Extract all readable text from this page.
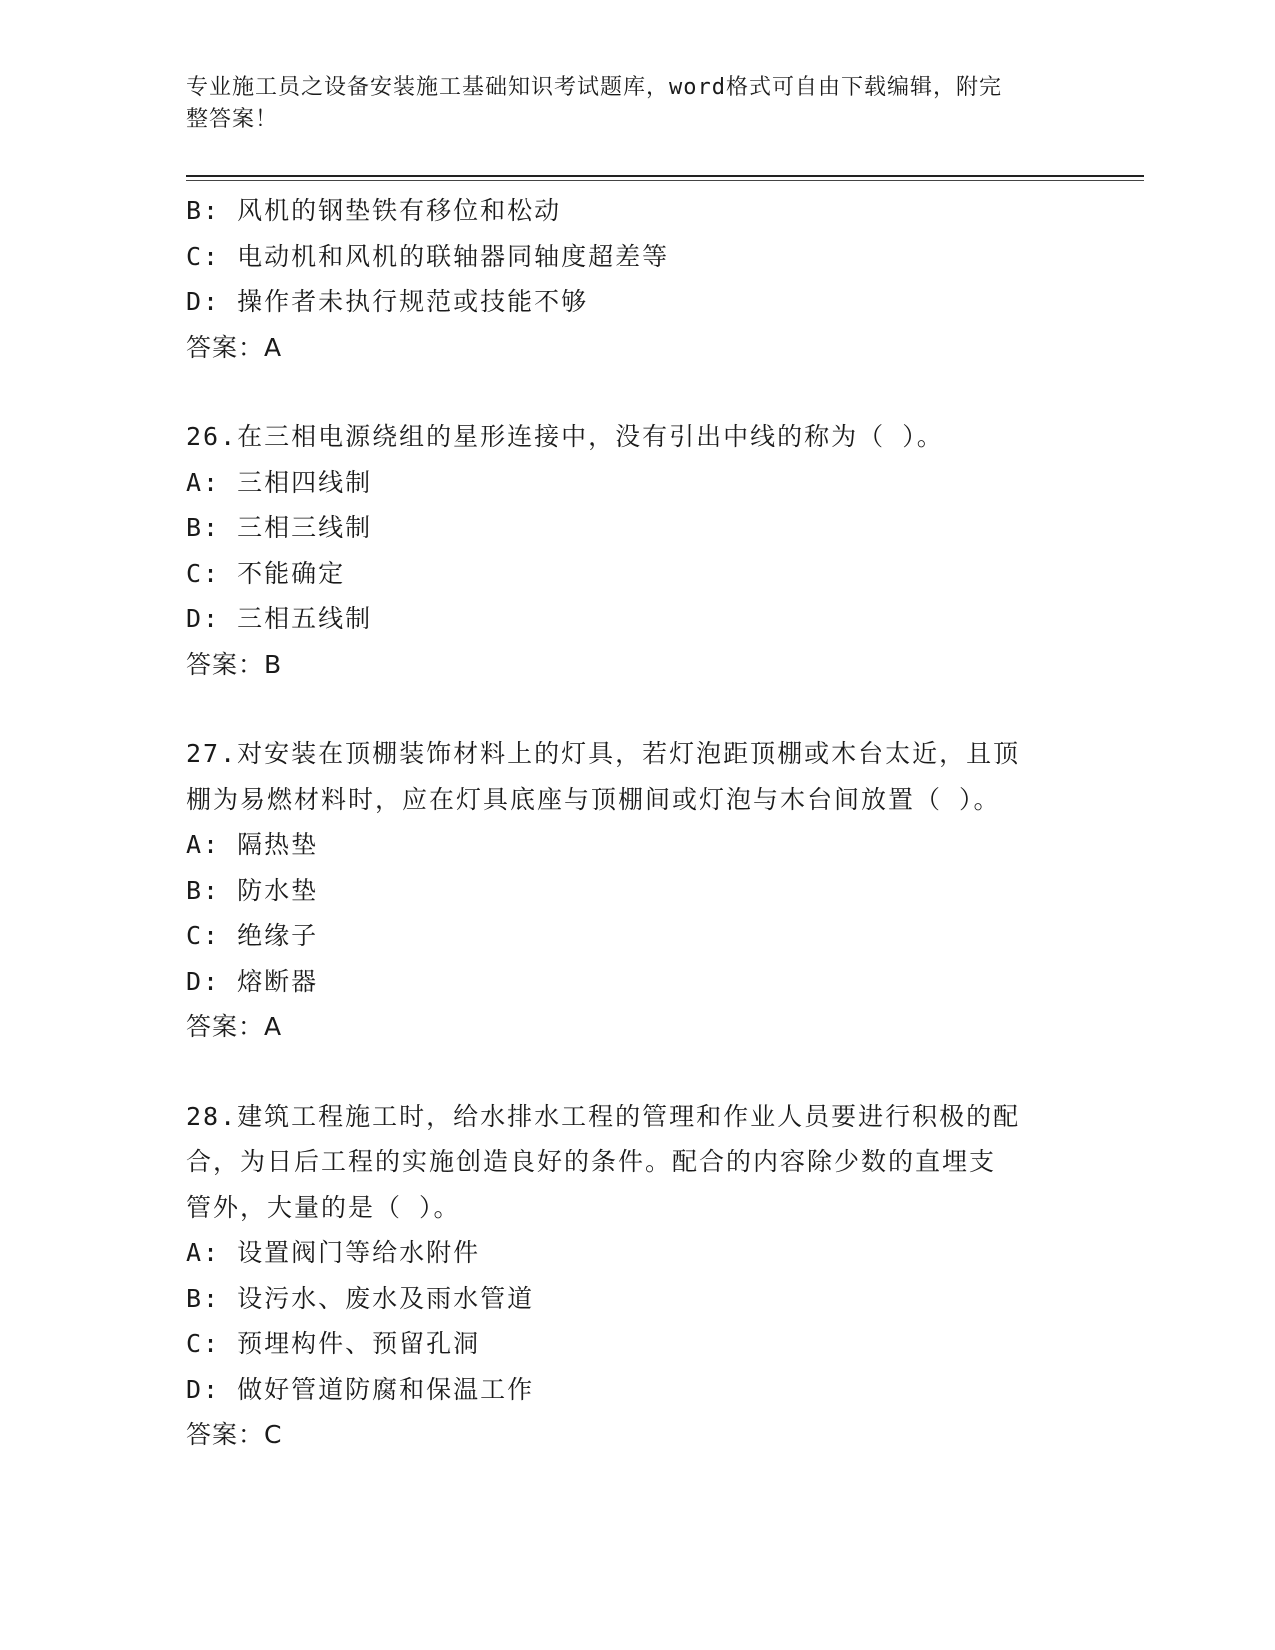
专业施工员之设备安装施工基础知识考试题库，word格式可自由下载编辑，附完
整答案！
B: 风机的钢垫铁有移位和松动
C: 电动机和风机的联轴器同轴度超差等
D: 操作者未执行规范或技能不够
答案：A
26.在三相电源绕组的星形连接中，没有引出中线的称为（ ）。
A: 三相四线制
B: 三相三线制
C: 不能确定
D: 三相五线制
答案：B
27.对安装在顶棚装饰材料上的灯具，若灯泡距顶棚或木台太近，且顶
棚为易燃材料时，应在灯具底座与顶棚间或灯泡与木台间放置（ ）。
A: 隔热垫
B: 防水垫
C: 绝缘子
D: 熔断器
答案：A
28.建筑工程施工时，给水排水工程的管理和作业人员要进行积极的配
合，为日后工程的实施创造良好的条件。配合的内容除少数的直埋支
管外，大量的是（ ）。
A: 设置阀门等给水附件
B: 设污水、废水及雨水管道
C: 预埋构件、预留孔洞
D: 做好管道防腐和保温工作
答案：C
